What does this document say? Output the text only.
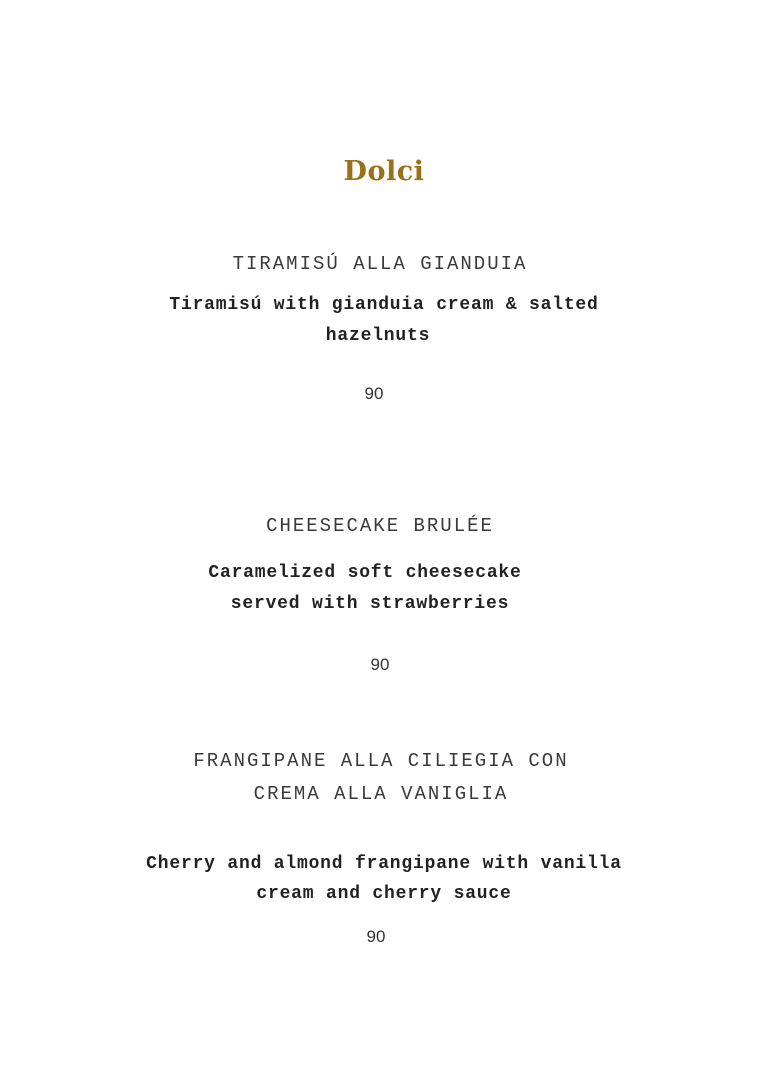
Dolci
TIRAMISÚ ALLA GIANDUIA
Tiramisú with gianduia cream & salted
hazelnuts
90
CHEESECAKE BRULÉE
Caramelized soft cheesecake
served with strawberries
90
FRANGIPANE ALLA CILIEGIA CON
CREMA ALLA VANIGLIA
Cherry and almond frangipane with vanilla
cream and cherry sauce
90
